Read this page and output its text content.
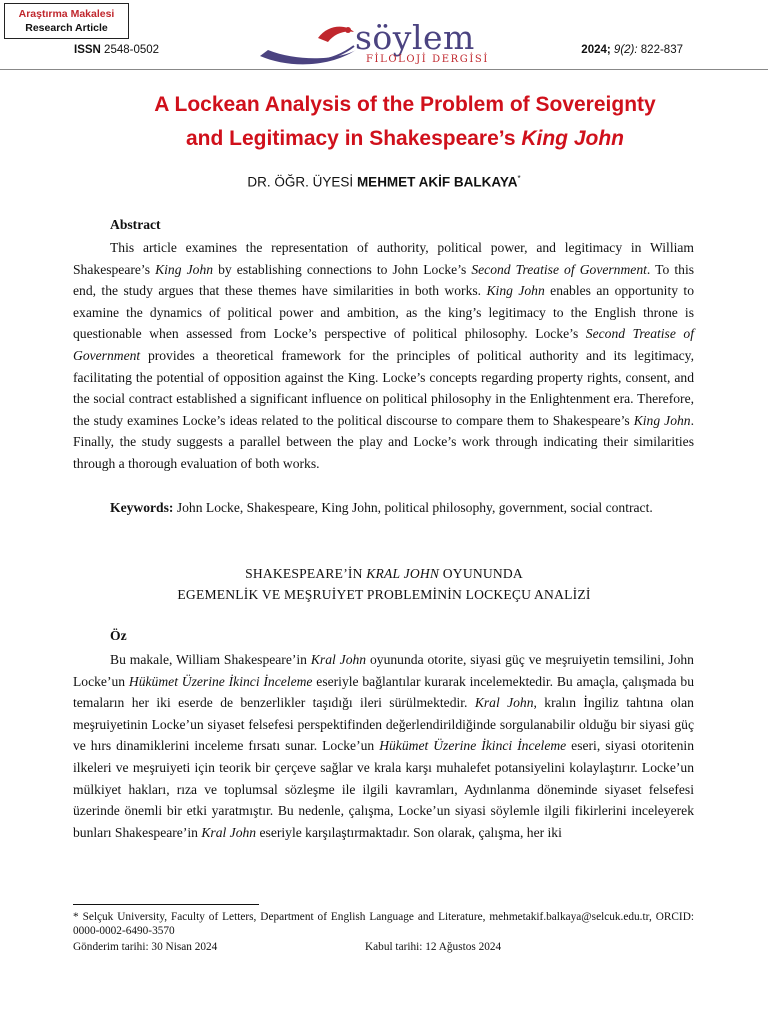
Araştırma Makalesi
Research Article
ISSN 2548-0502	söylem
FİLOLOJİ DERGİSİ
2024; 9(2): 822-837
A Lockean Analysis of the Problem of Sovereignty
and Legitimacy in Shakespeare’s King John
DR. ÖĞR. ÜYESİ MEHMET AKİF BALKAYA*
Abstract
This article examines the representation of authority, political power, and legitimacy in William Shakespeare’s King John by establishing connections to John Locke’s Second Treatise of Government. To this end, the study argues that these themes have similarities in both works. King John enables an opportunity to examine the dynamics of political power and ambition, as the king’s legitimacy to the English throne is questionable when assessed from Locke’s perspective of political philosophy. Locke’s Second Treatise of Government provides a theoretical framework for the principles of political authority and its legitimacy, facilitating the potential of opposition against the King. Locke’s concepts regarding property rights, consent, and the social contract established a significant influence on political philosophy in the Enlightenment era. Therefore, the study examines Locke’s ideas related to the political discourse to compare them to Shakespeare’s King John. Finally, the study suggests a parallel between the play and Locke’s work through indicating their similarities through a thorough evaluation of both works.
Keywords: John Locke, Shakespeare, King John, political philosophy, government, social contract.
SHAKESPEARE’İN KRAL JOHN OYUNUNDA
EGEMENLİK VE MEŞRUİYET PROBLEMİNİN LOCKEÇU ANALİZİ
Öz
Bu makale, William Shakespeare’in Kral John oyununda otorite, siyasi güç ve meşruiyetin temsilini, John Locke’un Hükümet Üzerine İkinci İnceleme eseriyle bağlantılar kurarak incelemektedir. Bu amaçla, çalışmada bu temaların her iki eserde de benzerlikler taşıdığı ileri sürülmektedir. Kral John, kralın İngiliz tahtına olan meşruiyetinin Locke’un siyaset felsefesi perspektifinden değerlendirildiğinde sorgulanabilir olduğu bir siyasi güç ve hırs dinamiklerini inceleme fırsatı sunar. Locke’un Hükümet Üzerine İkinci İnceleme eseri, siyasi otoritenin ilkeleri ve meşruiyeti için teorik bir çerçeve sağlar ve krala karşı muhalefet potansiyelini kolaylaştırır. Locke’un mülkiyet hakları, rıza ve toplumsal sözleşme ile ilgili kavramları, Aydınlanma döneminde siyaset felsefesi üzerinde önemli bir etki yaratmıştır. Bu nedenle, çalışma, Locke’un siyasi söylemle ilgili fikirlerini inceleyerek bunları Shakespeare’in Kral John eseriyle karşılaştırmaktadır. Son olarak, çalışma, her iki
* Selçuk University, Faculty of Letters, Department of English Language and Literature, mehmetakif.balkaya@selcuk.edu.tr, ORCID: 0000-0002-6490-3570
Gönderim tarihi: 30 Nisan 2024	Kabul tarihi: 12 Ağustos 2024
